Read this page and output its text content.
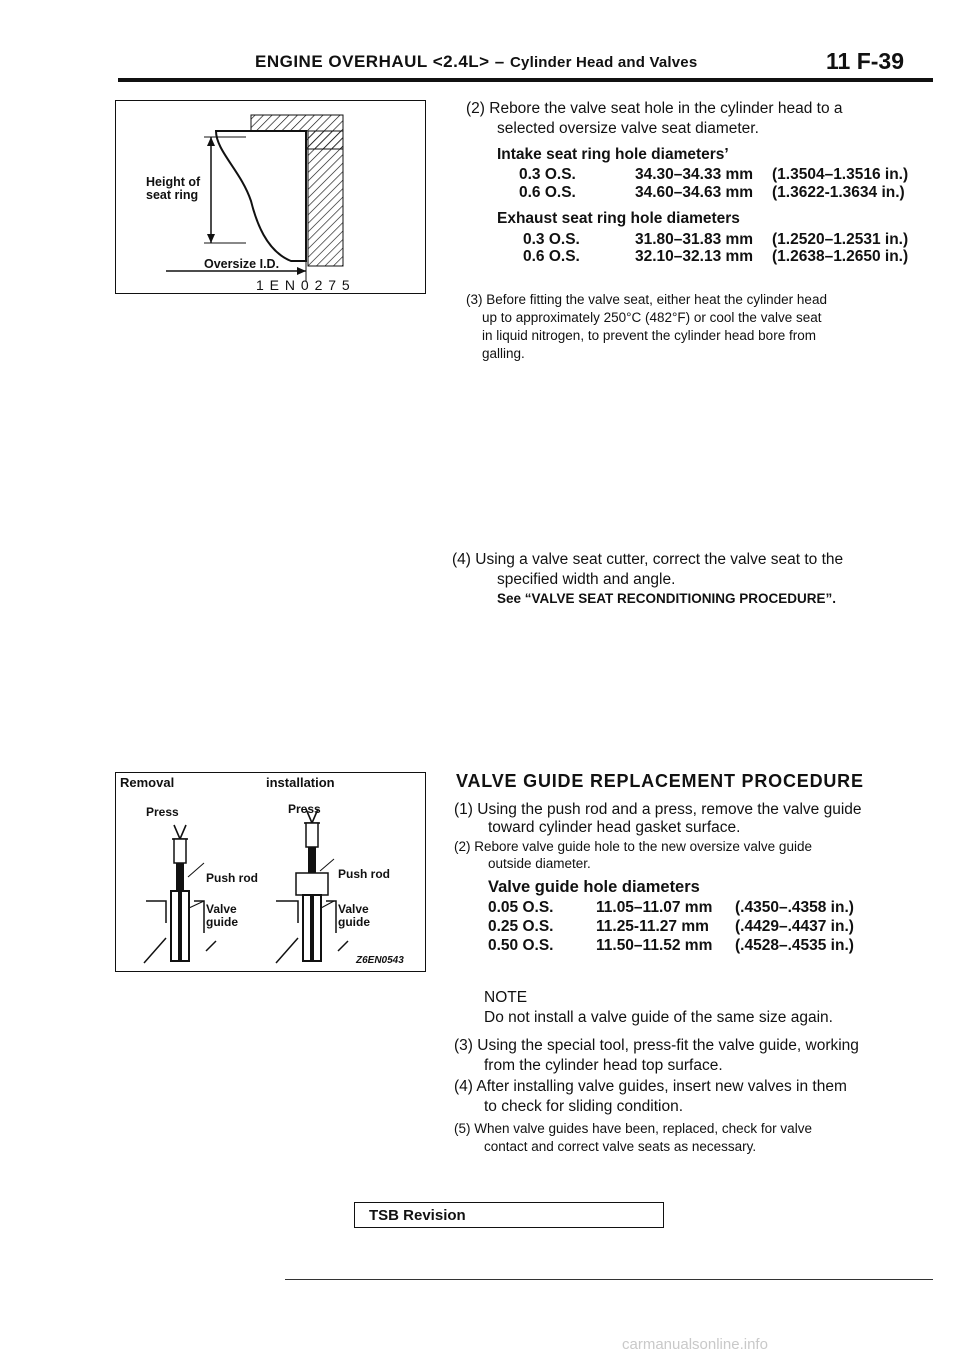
ENGINE OVERHAUL <2.4L> – Cylinder Head and Valves	11 F-39
Height of seat ring
Oversize I.D.
1 E N 0 2 7 5
(2) Rebore the valve seat hole in the cylinder head to a
selected oversize valve seat diameter.
Intake seat ring hole diameters’
0.3 O.S.	34.30–34.33 mm (1.3504–1.3516 in.)
0.6 O.S.	34.60–34.63 mm (1.3622-1.3634 in.)
Exhaust seat ring hole diameters
0.3 O.S.	31.80–31.83 mm (1.2520–1.2531 in.)
0.6 O.S.	32.10–32.13 mm (1.2638–1.2650 in.)
(3) Before fitting the valve seat, either heat the cylinder head
up to approximately 250°C (482°F) or cool the valve seat
in liquid nitrogen, to prevent the cylinder head bore from
galling.
(4) Using a valve seat cutter, correct the valve seat to the
specified width and angle.
See “VALVE SEAT RECONDITIONING PROCEDURE”.
Removal	installation
Press	Press
Push rod	Push rod
Valve guide
Valve guide
Z6EN0543
VALVE GUIDE REPLACEMENT PROCEDURE
(1) Using the push rod and a press, remove the valve guide
toward cylinder head gasket surface.
(2) Rebore valve guide hole to the new oversize valve guide
outside diameter.
Valve guide hole diameters
0.05 O.S.	11.05–11.07 mm (.4350–.4358 in.)
0.25 O.S.	11.25-11.27 mm (.4429–.4437 in.)
0.50 O.S.	11.50–11.52 mm (.4528–.4535 in.)
NOTE
Do not install a valve guide of the same size again.
(3) Using the special tool, press-fit the valve guide, working
from the cylinder head top surface.
(4) After installing valve guides, insert new valves in them
to check for sliding condition.
(5) When valve guides have been, replaced, check for valve
contact and correct valve seats as necessary.
TSB Revision
carmanualsonline.info
